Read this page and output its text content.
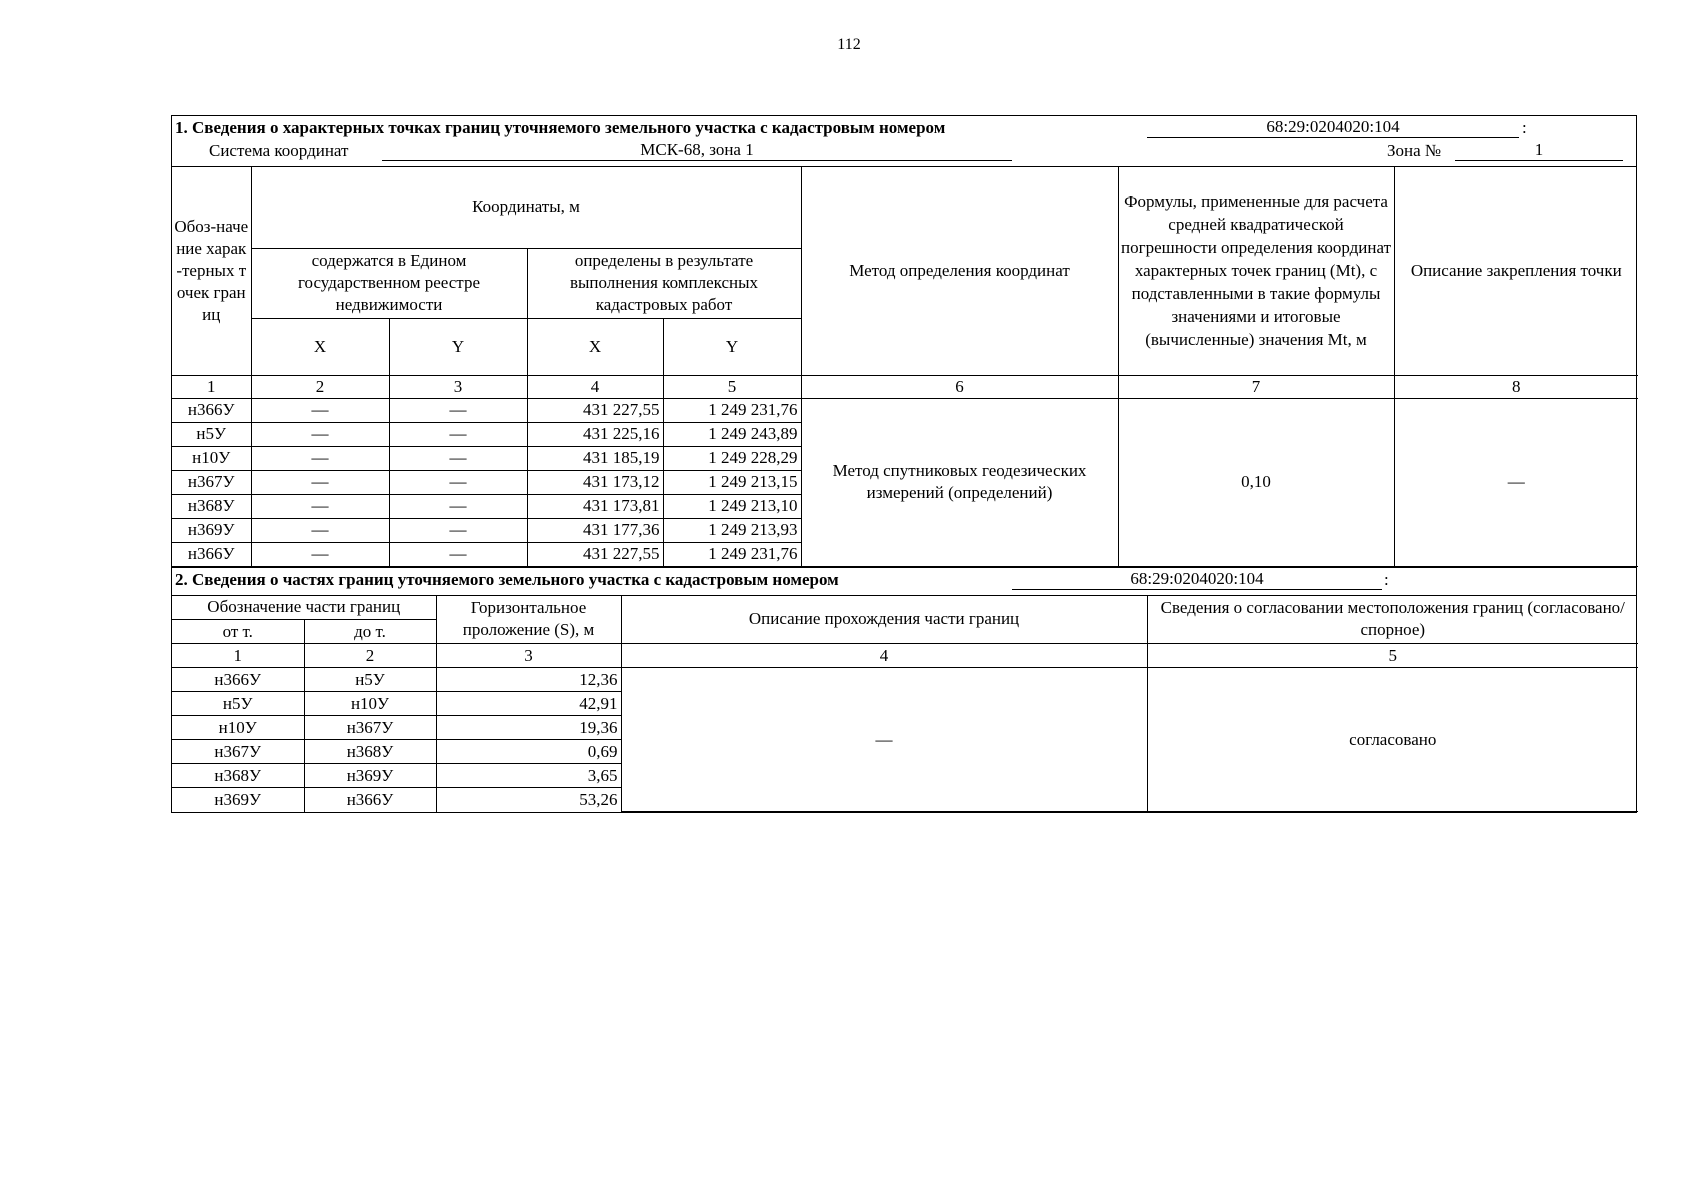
112
1. Сведения о характерных точках границ уточняемого земельного участка с кадастровым номером	68:29:0204020:104	:
Система координат	МСК-68, зона 1	Зона №	1
Обоз-начение харак-терных точек границ	Координаты, м				Метод определения координат	Формулы, примененные для расчета средней квадратической погрешности определения координат характерных точек границ (Mt), с подставленными в такие формулы значениями и итоговые (вычисленные) значения Mt, м	Описание закрепления точки
	содержатся в Едином государственном реестре недвижимости		определены в результате выполнения комплексных кадастровых работ				
	X	Y	X	Y			
1	2	3	4	5	6	7	8
н366У	—	—	431 227,55	1 249 231,76	Метод спутниковых геодезических измерений (определений)	0,10	—
н5У	—	—	431 225,16	1 249 243,89			
н10У	—	—	431 185,19	1 249 228,29			
н367У	—	—	431 173,12	1 249 213,15			
н368У	—	—	431 173,81	1 249 213,10			
н369У	—	—	431 177,36	1 249 213,93			
н366У	—	—	431 227,55	1 249 231,76			
2. Сведения о частях границ уточняемого земельного участка с кадастровым номером	68:29:0204020:104	:
Обозначение части границ		Горизонтальное проложение (S), м	Описание прохождения части границ	Сведения о согласовании местоположения границ (согласовано/спорное)
от т.	до т.			
1	2	3	4	5
н366У	н5У	12,36	—	согласовано
н5У	н10У	42,91		
н10У	н367У	19,36		
н367У	н368У	0,69		
н368У	н369У	3,65		
н369У	н366У	53,26		
